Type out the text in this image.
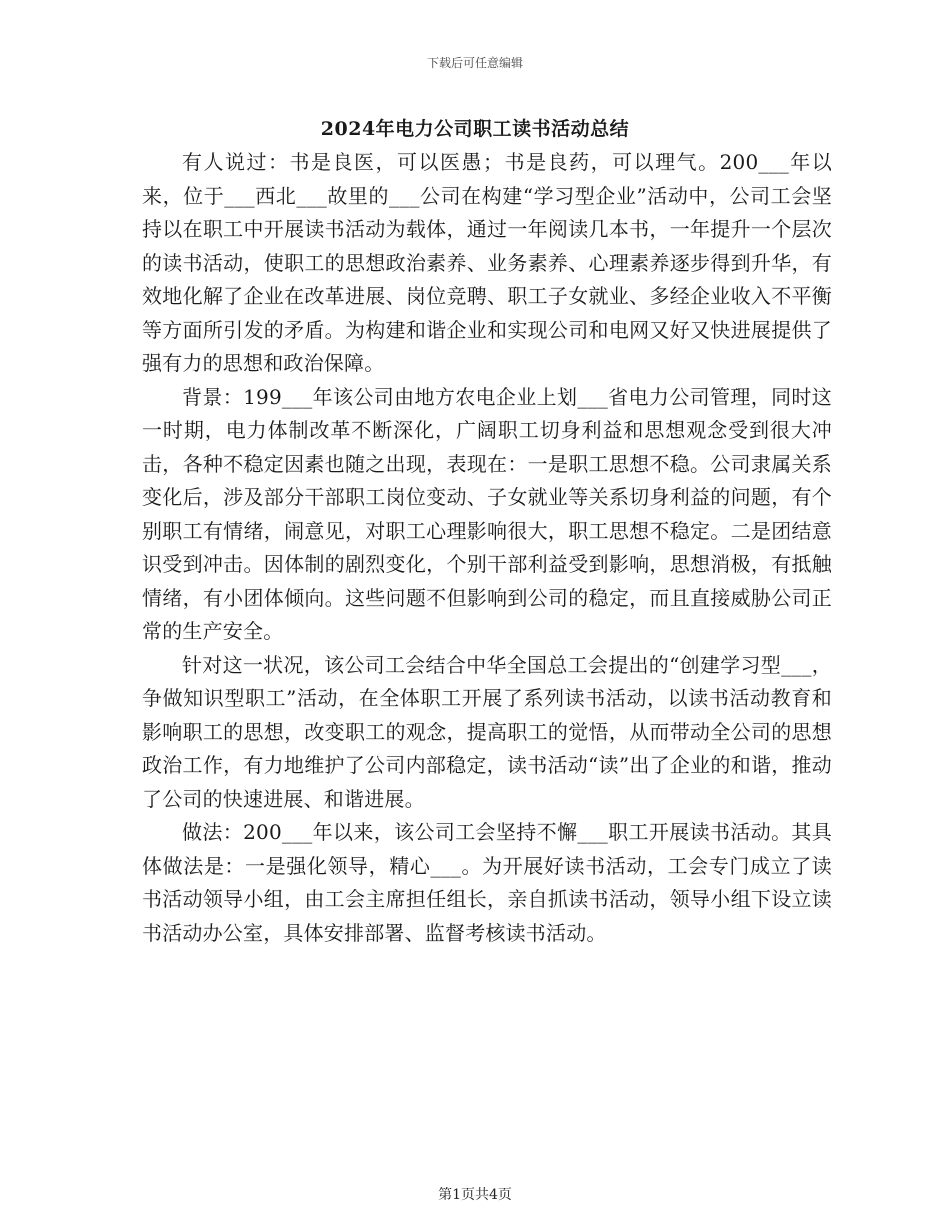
下载后可任意编辑
2024年电力公司职工读书活动总结

有人说过：书是良医，可以医愚；书是良药，可以理气。200___年以来，位于___西北___故里的___公司在构建“学习型企业”活动中，公司工会坚持以在职工中开展读书活动为载体，通过一年阅读几本书，一年提升一个层次的读书活动，使职工的思想政治素养、业务素养、心理素养逐步得到升华，有效地化解了企业在改革进展、岗位竞聘、职工子女就业、多经企业收入不平衡等方面所引发的矛盾。为构建和谐企业和实现公司和电网又好又快进展提供了强有力的思想和政治保障。

背景：199___年该公司由地方农电企业上划___省电力公司管理，同时这一时期，电力体制改革不断深化，广阔职工切身利益和思想观念受到很大冲击，各种不稳定因素也随之出现，表现在：一是职工思想不稳。公司隶属关系变化后，涉及部分干部职工岗位变动、子女就业等关系切身利益的问题，有个别职工有情绪，闹意见，对职工心理影响很大，职工思想不稳定。二是团结意识受到冲击。因体制的剧烈变化，个别干部利益受到影响，思想消极，有抵触情绪，有小团体倾向。这些问题不但影响到公司的稳定，而且直接威胁公司正常的生产安全。

针对这一状况，该公司工会结合中华全国总工会提出的“创建学习型___，争做知识型职工”活动，在全体职工开展了系列读书活动，以读书活动教育和影响职工的思想，改变职工的观念，提高职工的觉悟，从而带动全公司的思想政治工作，有力地维护了公司内部稳定，读书活动“读”出了企业的和谐，推动了公司的快速进展、和谐进展。

做法：200___年以来，该公司工会坚持不懈___职工开展读书活动。其具体做法是：一是强化领导，精心___。为开展好读书活动，工会专门成立了读书活动领导小组，由工会主席担任组长，亲自抓读书活动，领导小组下设立读书活动办公室，具体安排部署、监督考核读书活动。

第1页共4页
